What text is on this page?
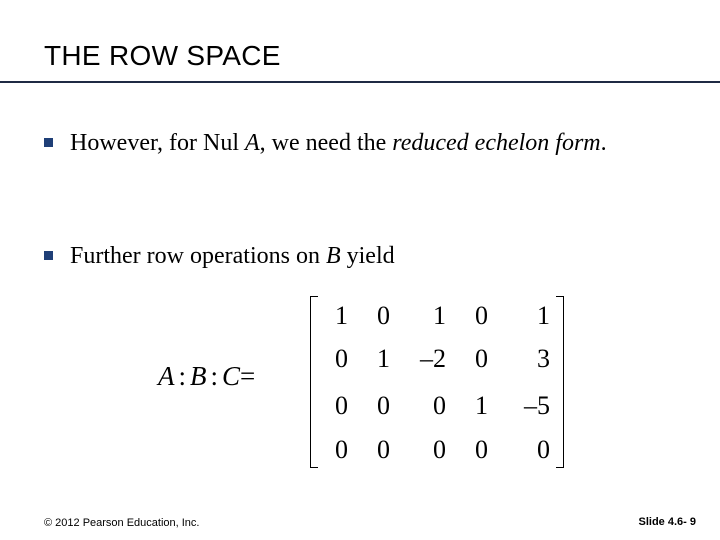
THE ROW SPACE
However, for Nul A, we need the reduced echelon form.
Further row operations on B yield
A : B : C=
1 0 1 0 1
0 1 –2 0 3
0 0 0 1 –5
0 0 0 0 0
© 2012 Pearson Education, Inc.	Slide 4.6- 9
